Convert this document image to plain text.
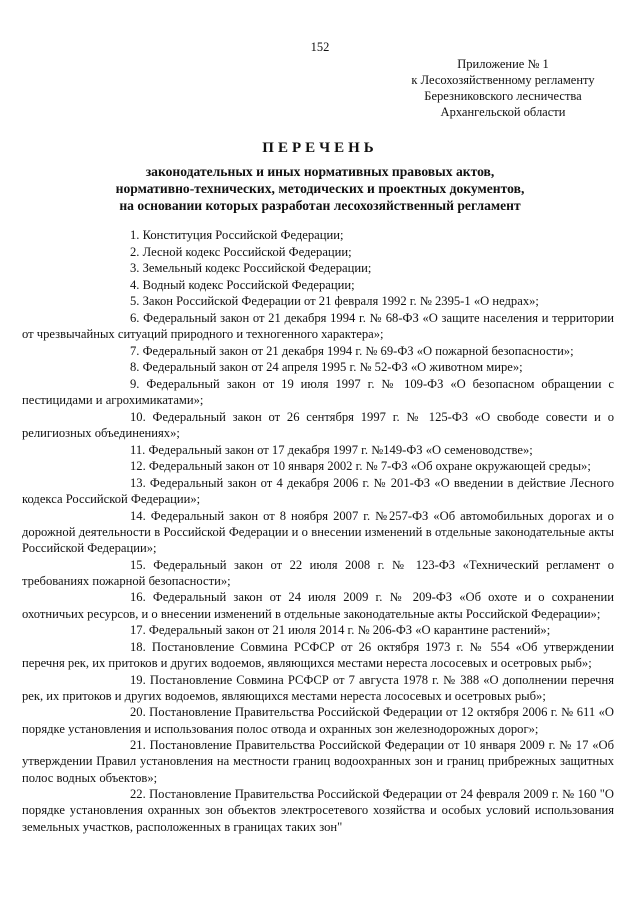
152
Приложение № 1
к Лесохозяйственному регламенту
Березниковского лесничества
Архангельской области
ПЕРЕЧЕНЬ
законодательных и иных нормативных правовых актов,
нормативно-технических, методических и проектных документов,
на основании которых разработан лесохозяйственный регламент
1. Конституция Российской Федерации;
2. Лесной кодекс Российской Федерации;
3. Земельный кодекс Российской Федерации;
4. Водный кодекс Российской Федерации;
5. Закон Российской Федерации от 21 февраля 1992 г. № 2395-1 «О недрах»;
6. Федеральный закон от 21 декабря 1994 г. № 68-ФЗ «О защите населения и территории от чрезвычайных ситуаций природного и техногенного характера»;
7. Федеральный закон от 21 декабря 1994 г. № 69-ФЗ «О пожарной безопасности»;
8. Федеральный закон от 24 апреля 1995 г. № 52-ФЗ «О животном мире»;
9. Федеральный закон от 19 июля 1997 г. № 109-ФЗ «О безопасном обращении с пестицидами и агрохимикатами»;
10. Федеральный закон от 26 сентября 1997 г. № 125-ФЗ «О свободе совести и о религиозных объединениях»;
11. Федеральный закон от 17 декабря 1997 г. №149-ФЗ «О семеноводстве»;
12. Федеральный закон от 10 января 2002 г. № 7-ФЗ «Об охране окружающей среды»;
13. Федеральный закон от 4 декабря 2006 г. № 201-ФЗ «О введении в действие Лесного кодекса Российской Федерации»;
14. Федеральный закон от 8 ноября 2007 г. №257-ФЗ «Об автомобильных дорогах и о дорожной деятельности в Российской Федерации и о внесении изменений в отдельные законодательные акты Российской Федерации»;
15. Федеральный закон от 22 июля 2008 г. № 123-ФЗ «Технический регламент о требованиях пожарной безопасности»;
16. Федеральный закон от 24 июля 2009 г. № 209-ФЗ «Об охоте и о сохранении охотничьих ресурсов, и о внесении изменений в отдельные законодательные акты Российской Федерации»;
17. Федеральный закон от 21 июля 2014 г. № 206-ФЗ «О карантине растений»;
18. Постановление Совмина РСФСР от 26 октября 1973 г. № 554 «Об утверждении перечня рек, их притоков и других водоемов, являющихся местами нереста лососевых и осетровых рыб»;
19. Постановление Совмина РСФСР от 7 августа 1978 г. № 388 «О дополнении перечня рек, их притоков и других водоемов, являющихся местами нереста лососевых и осетровых рыб»;
20. Постановление Правительства Российской Федерации от 12 октября 2006 г. № 611 «О порядке установления и использования полос отвода и охранных зон железнодорожных дорог»;
21. Постановление Правительства Российской Федерации от 10 января 2009 г. № 17 «Об утверждении Правил установления на местности границ водоохранных зон и границ прибрежных защитных полос водных объектов»;
22. Постановление Правительства Российской Федерации от 24 февраля 2009 г. № 160 "О порядке установления охранных зон объектов электросетевого хозяйства и особых условий использования земельных участков, расположенных в границах таких зон"
